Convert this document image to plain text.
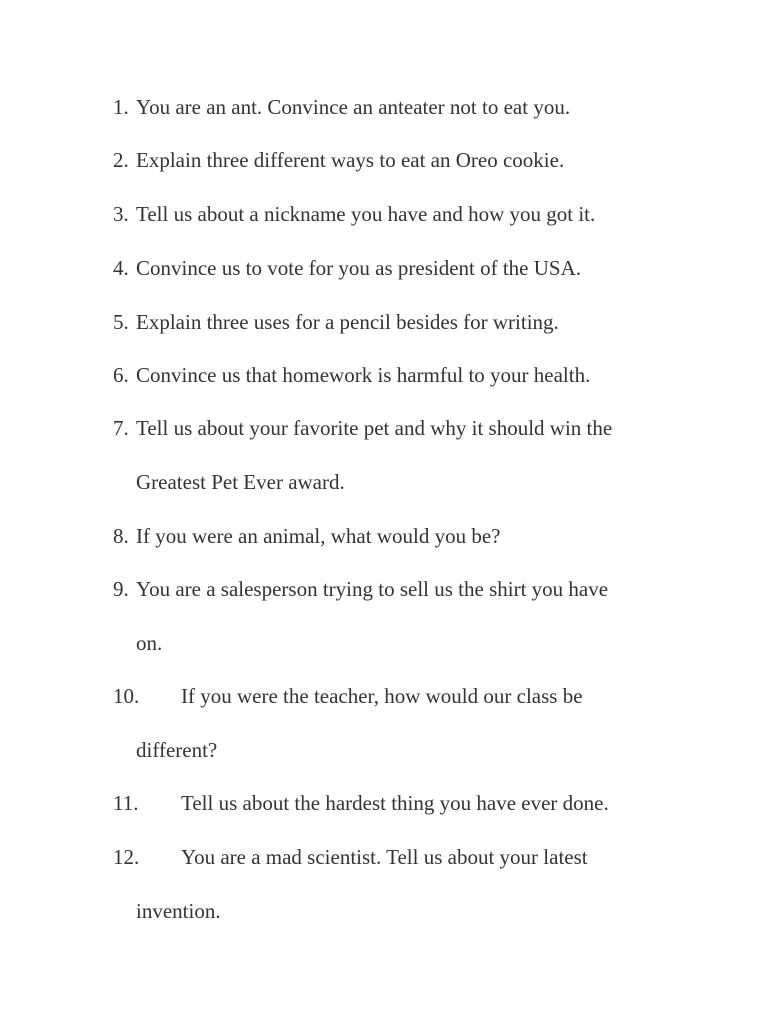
1. You are an ant. Convince an anteater not to eat you.
2. Explain three different ways to eat an Oreo cookie.
3. Tell us about a nickname you have and how you got it.
4. Convince us to vote for you as president of the USA.
5. Explain three uses for a pencil besides for writing.
6. Convince us that homework is harmful to your health.
7. Tell us about your favorite pet and why it should win the
Greatest Pet Ever award.
8. If you were an animal, what would you be?
9. You are a salesperson trying to sell us the shirt you have
on.
10. If you were the teacher, how would our class be
different?
11. Tell us about the hardest thing you have ever done.
12. You are a mad scientist. Tell us about your latest
invention.
